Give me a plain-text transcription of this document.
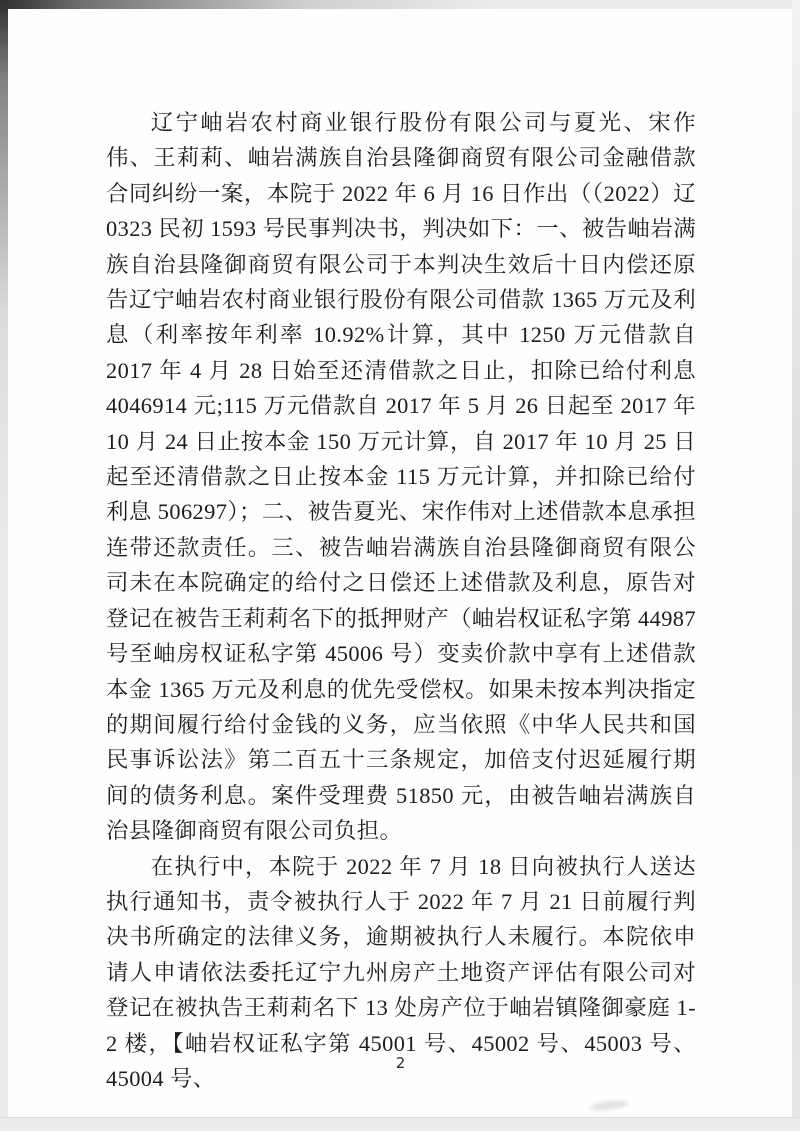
辽宁岫岩农村商业银行股份有限公司与夏光、宋作伟、王莉莉、岫岩满族自治县隆御商贸有限公司金融借款合同纠纷一案，本院于 2022 年 6 月 16 日作出（（2022）辽 0323 民初 1593 号民事判决书，判决如下：一、被告岫岩满族自治县隆御商贸有限公司于本判决生效后十日内偿还原告辽宁岫岩农村商业银行股份有限公司借款 1365 万元及利息（利率按年利率 10.92%计算，其中 1250 万元借款自 2017 年 4 月 28 日始至还清借款之日止，扣除已给付利息 4046914 元;115 万元借款自 2017 年 5 月 26 日起至 2017 年 10 月 24 日止按本金 150 万元计算，自 2017 年 10 月 25 日起至还清借款之日止按本金 115 万元计算，并扣除已给付利息 506297）；二、被告夏光、宋作伟对上述借款本息承担连带还款责任。三、被告岫岩满族自治县隆御商贸有限公司未在本院确定的给付之日偿还上述借款及利息，原告对登记在被告王莉莉名下的抵押财产（岫岩权证私字第 44987 号至岫房权证私字第 45006 号）变卖价款中享有上述借款本金 1365 万元及利息的优先受偿权。如果未按本判决指定的期间履行给付金钱的义务，应当依照《中华人民共和国民事诉讼法》第二百五十三条规定，加倍支付迟延履行期间的债务利息。案件受理费 51850 元，由被告岫岩满族自治县隆御商贸有限公司负担。

在执行中，本院于 2022 年 7 月 18 日向被执行人送达执行通知书，责令被执行人于 2022 年 7 月 21 日前履行判决书所确定的法律义务，逾期被执行人未履行。本院依申请人申请依法委托辽宁九州房产土地资产评估有限公司对登记在被执告王莉莉名下 13 处房产位于岫岩镇隆御豪庭 1-2 楼，【岫岩权证私字第 45001 号、45002 号、45003 号、45004 号、

2
